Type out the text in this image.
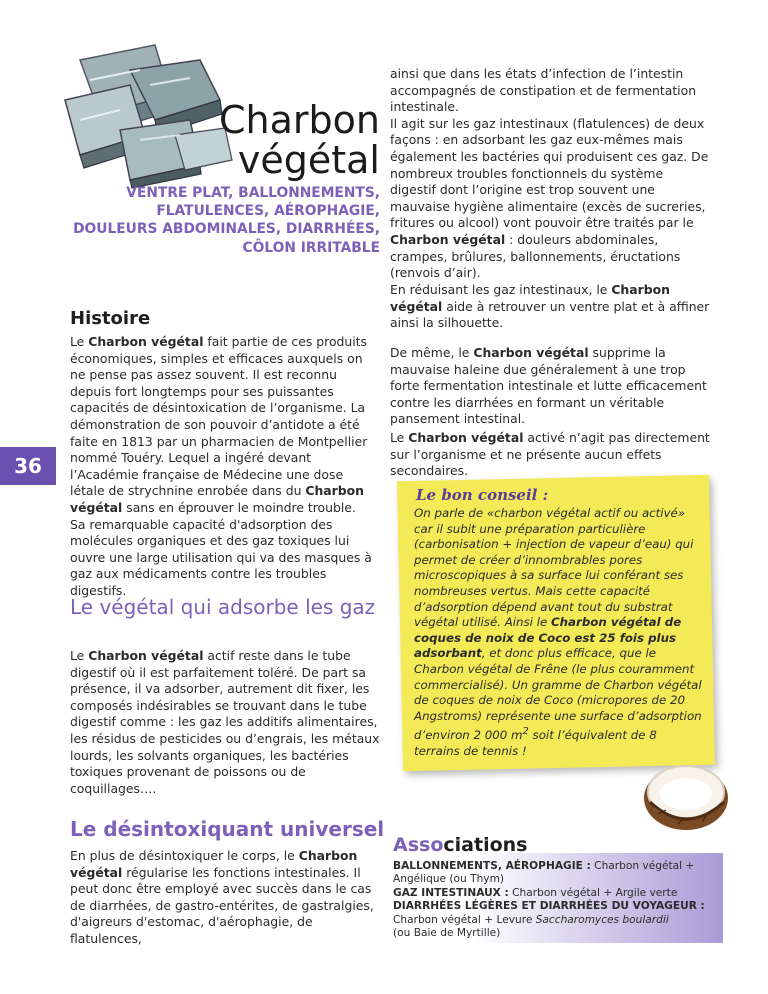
Charbon
végétal
VENTRE PLAT, BALLONNEMENTS, FLATULENCES, AÉROPHAGIE, DOULEURS ABDOMINALES, DIARRHÉES, CÔLON IRRITABLE
36
Histoire

Le Charbon végétal fait partie de ces produits économiques, simples et efficaces auxquels on ne pense pas assez souvent. Il est reconnu depuis fort longtemps pour ses puissantes capacités de désintoxication de l’organisme. La démonstration de son pouvoir d’antidote a été faite en 1813 par un pharmacien de Montpellier nommé Touéry. Lequel a ingéré devant l’Académie française de Médecine une dose létale de strychnine enrobée dans du Charbon végétal sans en éprouver le moindre trouble.

Sa remarquable capacité d'adsorption des molécules organiques et des gaz toxiques lui ouvre une large utilisation qui va des masques à gaz aux médicaments contre les troubles digestifs.

Le végétal qui adsorbe les gaz

Le Charbon végétal actif reste dans le tube digestif où il est parfaitement toléré. De part sa présence, il va adsorber, autrement dit fixer, les composés indésirables se trouvant dans le tube digestif comme : les gaz les additifs alimentaires, les résidus de pesticides ou d’engrais, les métaux lourds, les solvants organiques, les bactéries toxiques provenant de poissons ou de coquillages….

Le désintoxiquant universel

En plus de désintoxiquer le corps, le Charbon végétal régularise les fonctions intestinales. Il peut donc être employé avec succès dans le cas de diarrhées, de gastro-entérites, de gastralgies, d'aigreurs d'estomac, d'aérophagie, de flatulences,

ainsi que dans les états d’infection de l’intestin accompagnés de constipation et de fermentation intestinale.

Il agit sur les gaz intestinaux (flatulences) de deux façons : en adsorbant les gaz eux-mêmes mais également les bactéries qui produisent ces gaz. De nombreux troubles fonctionnels du système digestif dont l’origine est trop souvent une mauvaise hygiène alimentaire (excès de sucreries, fritures ou alcool) vont pouvoir être traités par le Charbon végétal : douleurs abdominales, crampes, brûlures, ballonnements, éructations (renvois d’air).

En réduisant les gaz intestinaux, le Charbon végétal aide à retrouver un ventre plat et à affiner ainsi la silhouette.

De même, le Charbon végétal supprime la mauvaise haleine due généralement à une trop forte fermentation intestinale et lutte efficacement contre les diarrhées en formant un véritable pansement intestinal.

Le Charbon végétal activé n’agit pas directement sur l’organisme et ne présente aucun effets secondaires.

Le bon conseil :

On parle de «charbon végétal actif ou activé» car il subit une préparation particulière (carbonisation + injection de vapeur d’eau) qui permet de créer d’innombrables pores microscopiques à sa surface lui conférant ses nombreuses vertus. Mais cette capacité d’adsorption dépend avant tout du substrat végétal utilisé. Ainsi le Charbon végétal de coques de noix de Coco est 25 fois plus adsorbant, et donc plus efficace, que le Charbon végétal de Frêne (le plus couramment commercialisé). Un gramme de Charbon végétal de coques de noix de Coco (micropores de 20 Angstroms) représente une surface d’adsorption d’environ 2 000 $m^2$ soit l’équivalent de 8 terrains de tennis !

Associations
BALLONNEMENTS, AÉROPHAGIE : Charbon végétal +
Angélique (ou Thym)
GAZ INTESTINAUX : Charbon végétal + Argile verte
DIARRHÉES LÉGÈRES ET DIARRHÉES DU VOYAGEUR :
Charbon végétal + Levure Saccharomyces boulardii
(ou Baie de Myrtille)
